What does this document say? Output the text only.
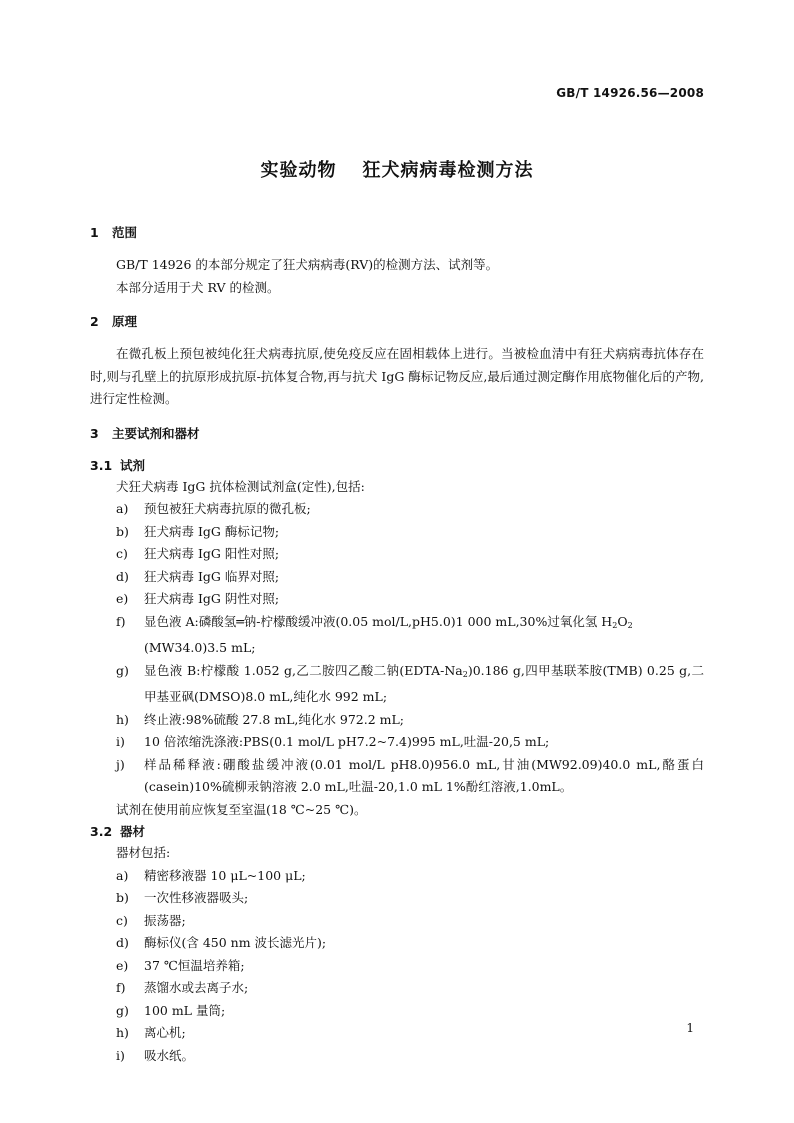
GB/T 14926.56—2008
实验动物 狂犬病病毒检测方法
1	范围
GB/T 14926 的本部分规定了狂犬病病毒(RV)的检测方法、试剂等。
本部分适用于犬 RV 的检测。
2	原理
在微孔板上预包被纯化狂犬病毒抗原,使免疫反应在固相载体上进行。当被检血清中有狂犬病病毒抗体存在时,则与孔壁上的抗原形成抗原-抗体复合物,再与抗犬 IgG 酶标记物反应,最后通过测定酶作用底物催化后的产物,进行定性检测。
3	主要试剂和器材
3.1 试剂
犬狂犬病毒 IgG 抗体检测试剂盒(定性),包括:
a)	预包被狂犬病毒抗原的微孔板;
b)	狂犬病毒 IgG 酶标记物;
c)	狂犬病毒 IgG 阳性对照;
d)	狂犬病毒 IgG 临界对照;
e)	狂犬病毒 IgG 阴性对照;
f)	显色液 A:磷酸氢═钠-柠檬酸缓冲液(0.05 mol/L,pH5.0)1 000 mL,30%过氧化氢 $H_2O_2$
(MW34.0)3.5 mL;
g)	显色液 B:柠檬酸 1.052 g,乙二胺四乙酸二钠$(EDTA-Na_2)0.186$ g,四甲基联苯胺(TMB) 0.25 g,二甲基亚砜(DMSO)8.0 mL,纯化水 992 mL;
h)	终止液:98%硫酸 27.8 mL,纯化水 972.2 mL;
i)	10 倍浓缩洗涤液:PBS(0.1 mol/L pH7.2~7.4)995 mL,吐温-20,5 mL;
j)	样品稀释液:硼酸盐缓冲液(0.01 mol/L pH8.0)956.0 mL,甘油(MW92.09)40.0 mL,酪蛋白(casein)10%硫柳汞钠溶液 2.0 mL,吐温-20,1.0 mL 1%酚红溶液,1.0mL。
试剂在使用前应恢复至室温(18 ℃~25 ℃)。
3.2 器材
器材包括:
a)	精密移液器 10 μL~100 μL;
b)	一次性移液器吸头;
c)	振荡器;
d)	酶标仪(含 450 nm 波长滤光片);
e)	37 ℃恒温培养箱;
f)	蒸馏水或去离子水;
g)	100 mL 量筒;
h)	离心机;
i)	吸水纸。
1
